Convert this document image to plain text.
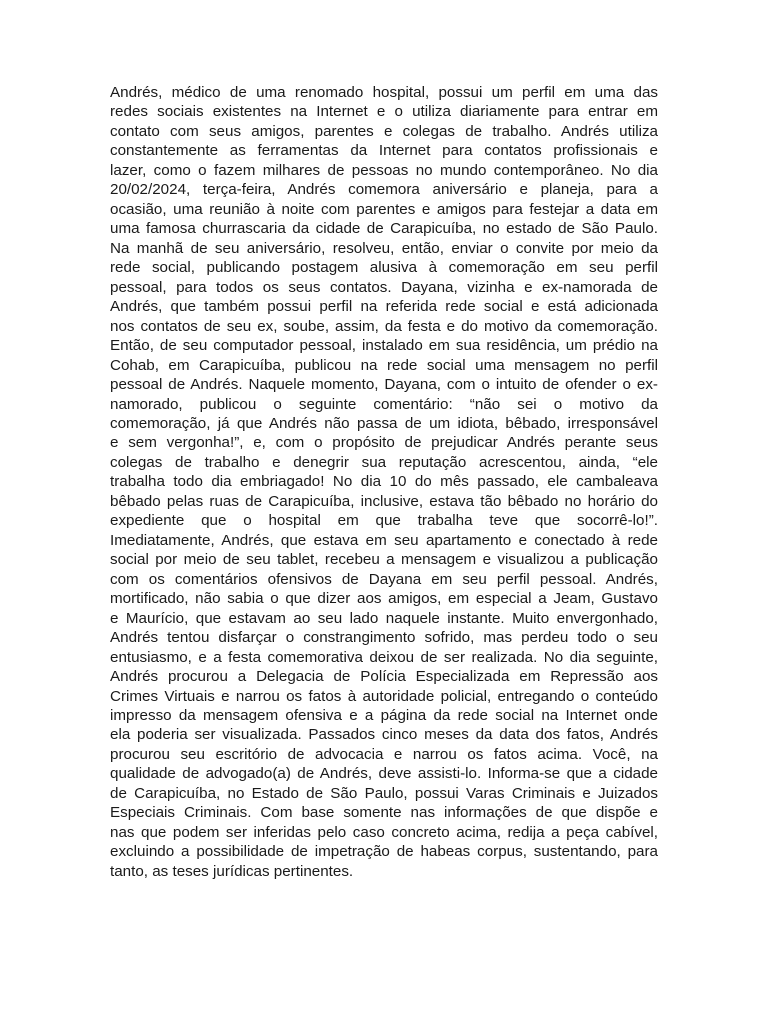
Andrés, médico de uma renomado hospital, possui um perfil em uma das
redes sociais existentes na Internet e o utiliza diariamente para entrar em
contato com seus amigos, parentes e colegas de trabalho. Andrés utiliza
constantemente as ferramentas da Internet para contatos profissionais e
lazer, como o fazem milhares de pessoas no mundo contemporâneo. No dia
20/02/2024, terça-feira, Andrés comemora aniversário e planeja, para a
ocasião, uma reunião à noite com parentes e amigos para festejar a data em
uma famosa churrascaria da cidade de Carapicuíba, no estado de São Paulo.
Na manhã de seu aniversário, resolveu, então, enviar o convite por meio da
rede social, publicando postagem alusiva à comemoração em seu perfil
pessoal, para todos os seus contatos. Dayana, vizinha e ex-namorada de
Andrés, que também possui perfil na referida rede social e está adicionada
nos contatos de seu ex, soube, assim, da festa e do motivo da comemoração.
Então, de seu computador pessoal, instalado em sua residência, um prédio na
Cohab, em Carapicuíba, publicou na rede social uma mensagem no perfil
pessoal de Andrés. Naquele momento, Dayana, com o intuito de ofender o ex-
namorado, publicou o seguinte comentário: “não sei o motivo da
comemoração, já que Andrés não passa de um idiota, bêbado, irresponsável
e sem vergonha!”, e, com o propósito de prejudicar Andrés perante seus
colegas de trabalho e denegrir sua reputação acrescentou, ainda, “ele
trabalha todo dia embriagado! No dia 10 do mês passado, ele cambaleava
bêbado pelas ruas de Carapicuíba, inclusive, estava tão bêbado no horário do
expediente que o hospital em que trabalha teve que socorrê-lo!”.
Imediatamente, Andrés, que estava em seu apartamento e conectado à rede
social por meio de seu tablet, recebeu a mensagem e visualizou a publicação
com os comentários ofensivos de Dayana em seu perfil pessoal. Andrés,
mortificado, não sabia o que dizer aos amigos, em especial a Jeam, Gustavo
e Maurício, que estavam ao seu lado naquele instante. Muito envergonhado,
Andrés tentou disfarçar o constrangimento sofrido, mas perdeu todo o seu
entusiasmo, e a festa comemorativa deixou de ser realizada. No dia seguinte,
Andrés procurou a Delegacia de Polícia Especializada em Repressão aos
Crimes Virtuais e narrou os fatos à autoridade policial, entregando o conteúdo
impresso da mensagem ofensiva e a página da rede social na Internet onde
ela poderia ser visualizada. Passados cinco meses da data dos fatos, Andrés
procurou seu escritório de advocacia e narrou os fatos acima. Você, na
qualidade de advogado(a) de Andrés, deve assisti-lo. Informa-se que a cidade
de Carapicuíba, no Estado de São Paulo, possui Varas Criminais e Juizados
Especiais Criminais. Com base somente nas informações de que dispõe e
nas que podem ser inferidas pelo caso concreto acima, redija a peça cabível,
excluindo a possibilidade de impetração de habeas corpus, sustentando, para
tanto, as teses jurídicas pertinentes.
